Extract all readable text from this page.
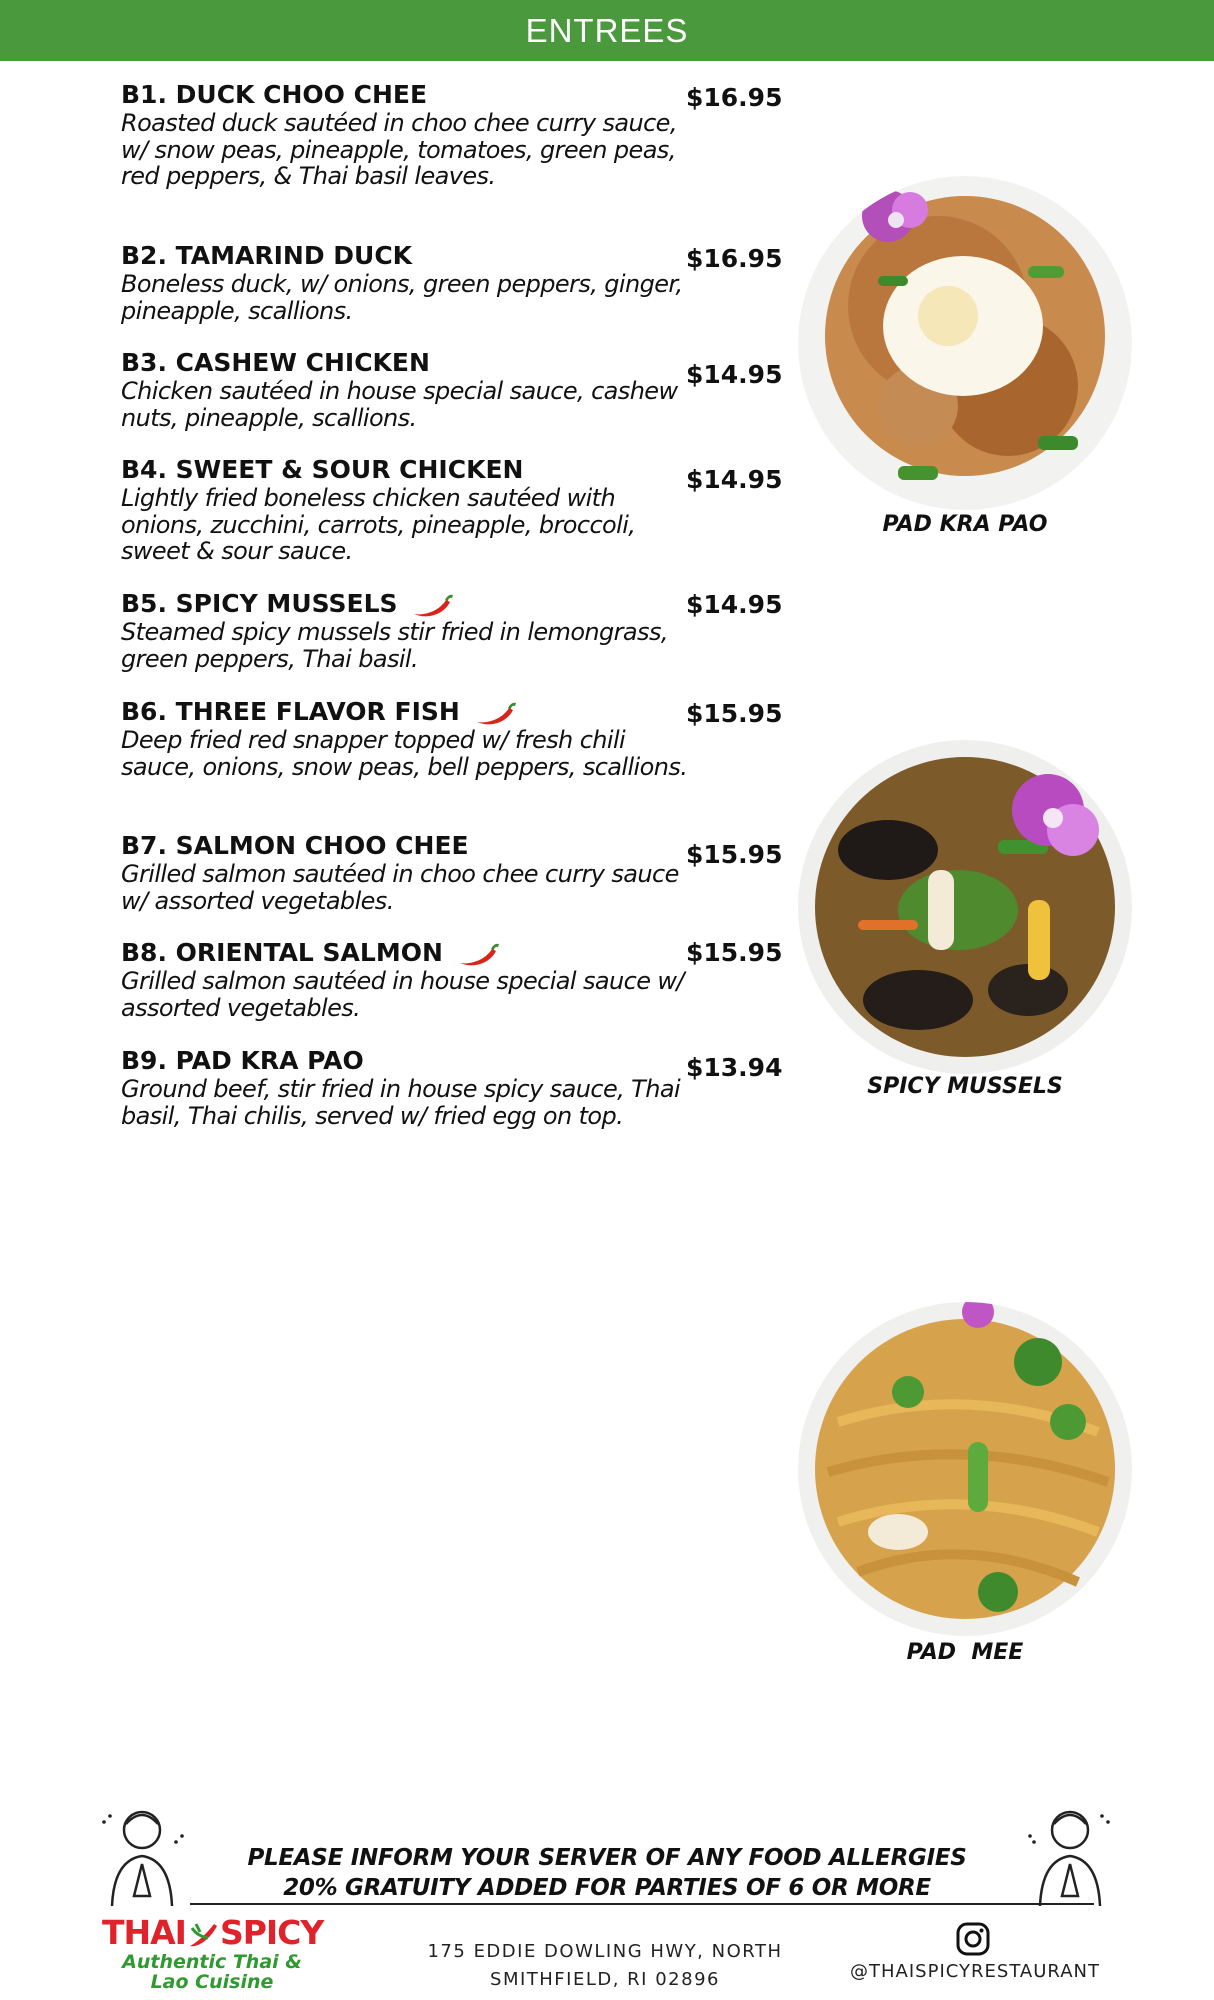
ENTREES
B1. DUCK CHOO CHEE
Roasted duck sautéed in choo chee curry sauce, w/ snow peas, pineapple, tomatoes, green peas, red peppers, & Thai basil leaves.
$16.95
B2. TAMARIND DUCK
Boneless duck, w/ onions, green peppers, ginger, pineapple, scallions.
$16.95
B3. CASHEW CHICKEN
Chicken sautéed in house special sauce, cashew nuts, pineapple, scallions.
$14.95
B4. SWEET & SOUR CHICKEN
Lightly fried boneless chicken sautéed with onions, zucchini, carrots, pineapple, broccoli, sweet & sour sauce.
$14.95
B5. SPICY MUSSELS
Steamed spicy mussels stir fried in lemongrass, green peppers, Thai basil.
$14.95
B6. THREE FLAVOR FISH
Deep fried red snapper topped w/ fresh chili sauce, onions, snow peas, bell peppers, scallions.
$15.95
B7. SALMON CHOO CHEE
Grilled salmon sautéed in choo chee curry sauce w/ assorted vegetables.
$15.95
B8. ORIENTAL SALMON
Grilled salmon sautéed in house special sauce w/ assorted vegetables.
$15.95
B9. PAD KRA PAO
Ground beef, stir fried in house spicy sauce, Thai basil, Thai chilis, served w/ fried egg on top.
$13.94
PAD KRA PAO
SPICY MUSSELS
PAD  MEE
PLEASE INFORM YOUR SERVER OF ANY FOOD ALLERGIES
20% GRATUITY ADDED FOR PARTIES OF 6 OR MORE
THAI SPICY
Authentic Thai &
Lao Cuisine
175 EDDIE DOWLING HWY, NORTH
SMITHFIELD, RI 02896	@THAISPICYRESTAURANT
